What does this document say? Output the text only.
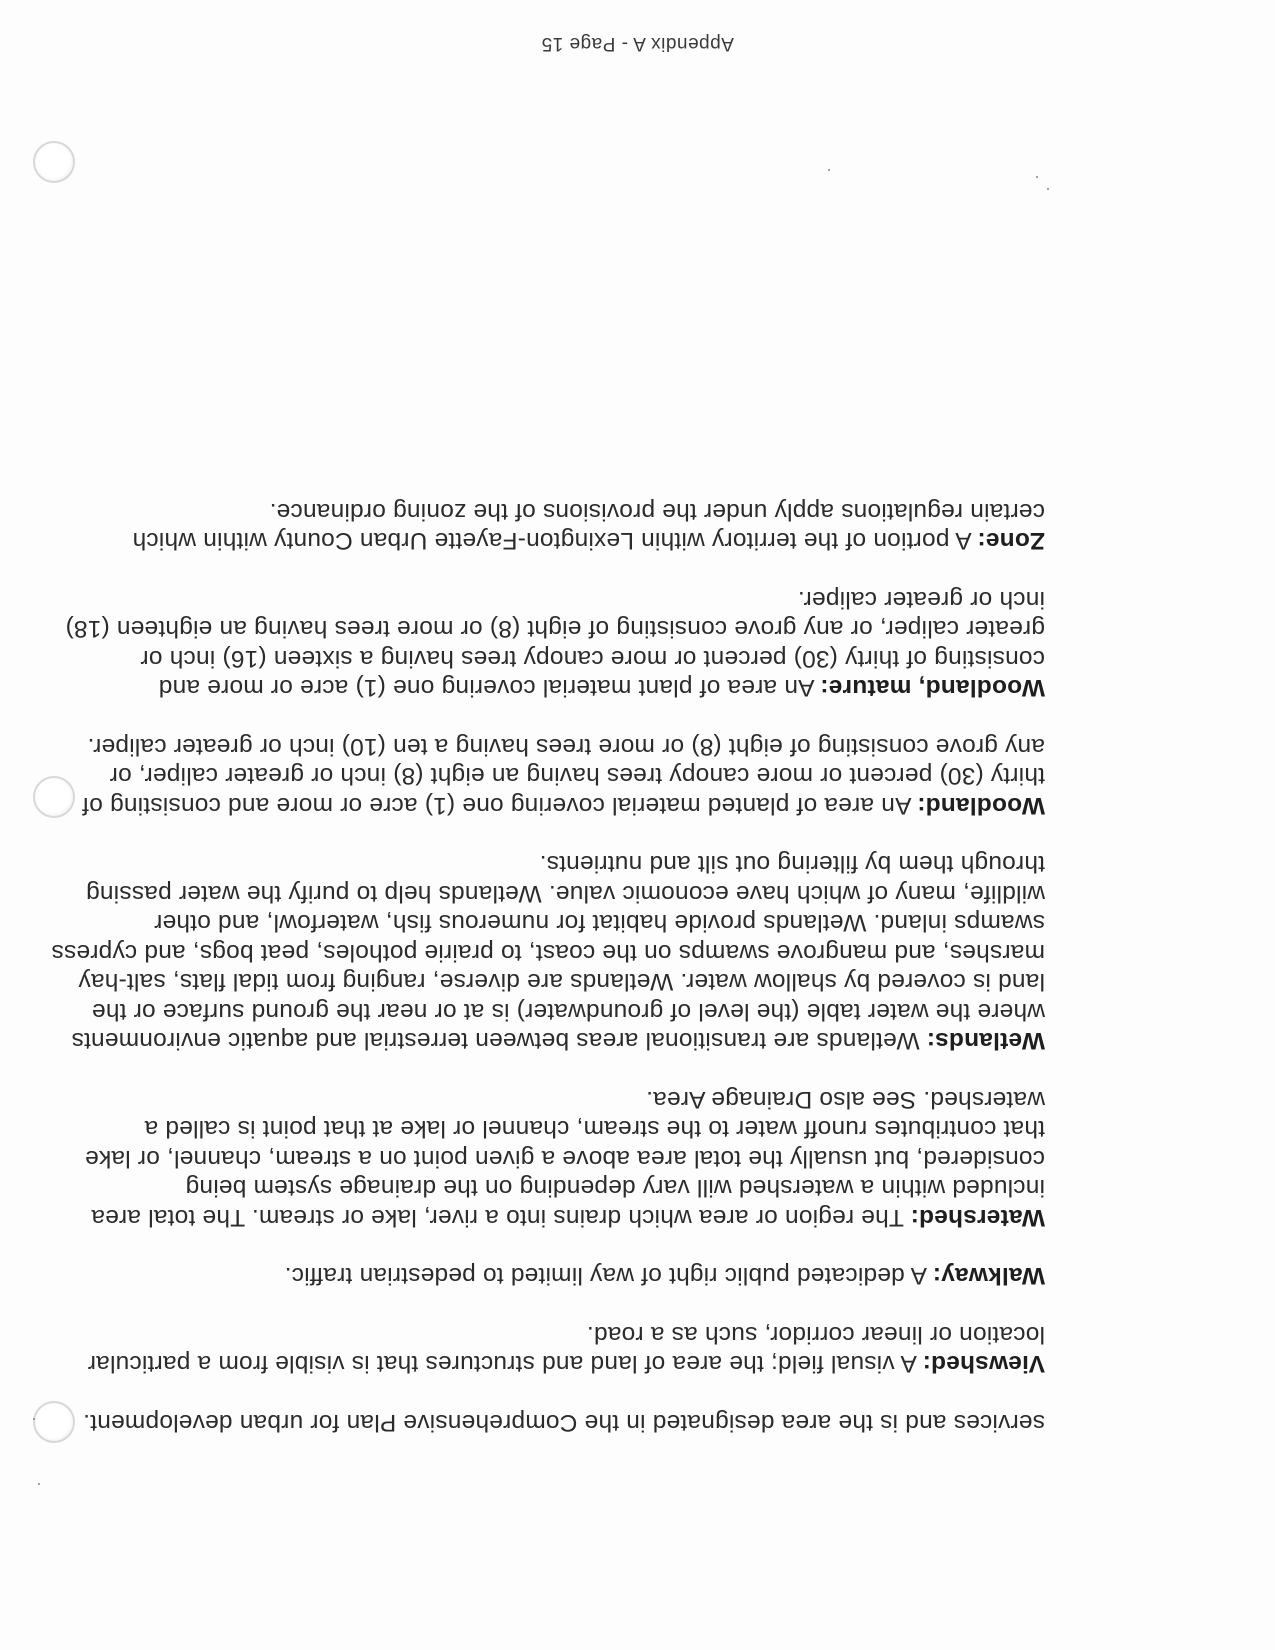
services and is the area designated in the Comprehensive Plan for urban development.
Viewshed: A visual field; the area of land and structures that is visible from a particular
location or linear corridor, such as a road.
Walkway: A dedicated public right of way limited to pedestrian traffic.
Watershed: The region or area which drains into a river, lake or stream. The total area
included within a watershed will vary depending on the drainage system being
considered, but usually the total area above a given point on a stream, channel, or lake
that contributes runoff water to the stream, channel or lake at that point is called a
watershed. See also Drainage Area.
Wetlands: Wetlands are transitional areas between terrestrial and aquatic environments
where the water table (the level of groundwater) is at or near the ground surface or the
land is covered by shallow water. Wetlands are diverse, ranging from tidal flats, salt-hay
marshes, and mangrove swamps on the coast, to prairie potholes, peat bogs, and cypress
swamps inland. Wetlands provide habitat for numerous fish, waterfowl, and other
wildlife, many of which have economic value. Wetlands help to purify the water passing
through them by filtering out silt and nutrients.
Woodland: An area of planted material covering one (1) acre or more and consisting of
thirty (30) percent or more canopy trees having an eight (8) inch or greater caliper, or
any grove consisting of eight (8) or more trees having a ten (10) inch or greater caliper.
Woodland, mature: An area of plant material covering one (1) acre or more and
consisting of thirty (30) percent or more canopy trees having a sixteen (16) inch or
greater caliper, or any grove consisting of eight (8) or more trees having an eighteen (18)
inch or greater caliper.
Zone: A portion of the territory within Lexington-Fayette Urban County within which
certain regulations apply under the provisions of the zoning ordinance.
Appendix A - Page 15
